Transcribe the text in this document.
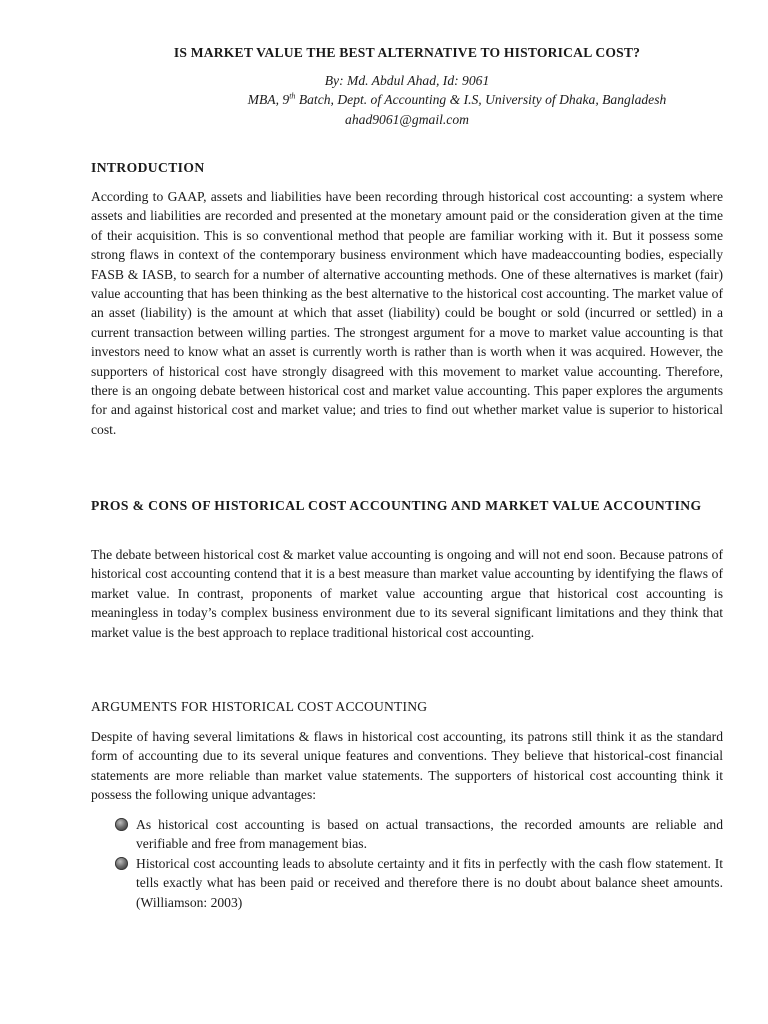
IS MARKET VALUE THE BEST ALTERNATIVE TO HISTORICAL COST?
By: Md. Abdul Ahad, Id: 9061
MBA, 9th Batch, Dept. of Accounting & I.S, University of Dhaka, Bangladesh
ahad9061@gmail.com
INTRODUCTION

According to GAAP, assets and liabilities have been recording through historical cost accounting: a system where assets and liabilities are recorded and presented at the monetary amount paid or the consideration given at the time of their acquisition. This is so conventional method that people are familiar working with it. But it possess some strong flaws in context of the contemporary business environment which have madeaccounting bodies, especially FASB & IASB, to search for a number of alternative accounting methods. One of these alternatives is market (fair) value accounting that has been thinking as the best alternative to the historical cost accounting. The market value of an asset (liability) is the amount at which that asset (liability) could be bought or sold (incurred or settled) in a current transaction between willing parties. The strongest argument for a move to market value accounting is that investors need to know what an asset is currently worth is rather than is worth when it was acquired. However, the supporters of historical cost have strongly disagreed with this movement to market value accounting. Therefore, there is an ongoing debate between historical cost and market value accounting. This paper explores the arguments for and against historical cost and market value; and tries to find out whether market value is superior to historical cost.

PROS & CONS OF HISTORICAL COST ACCOUNTING AND MARKET VALUE ACCOUNTING

The debate between historical cost & market value accounting is ongoing and will not end soon. Because patrons of historical cost accounting contend that it is a best measure than market value accounting by identifying the flaws of market value. In contrast, proponents of market value accounting argue that historical cost accounting is meaningless in today’s complex business environment due to its several significant limitations and they think that market value is the best approach to replace traditional historical cost accounting.

ARGUMENTS FOR HISTORICAL COST ACCOUNTING

Despite of having several limitations & flaws in historical cost accounting, its patrons still think it as the standard form of accounting due to its several unique features and conventions. They believe that historical-cost financial statements are more reliable than market value statements. The supporters of historical cost accounting think it possess the following unique advantages:

As historical cost accounting is based on actual transactions, the recorded amounts are reliable and verifiable and free from management bias.
Historical cost accounting leads to absolute certainty and it fits in perfectly with the cash flow statement. It tells exactly what has been paid or received and therefore there is no doubt about balance sheet amounts. (Williamson: 2003)
